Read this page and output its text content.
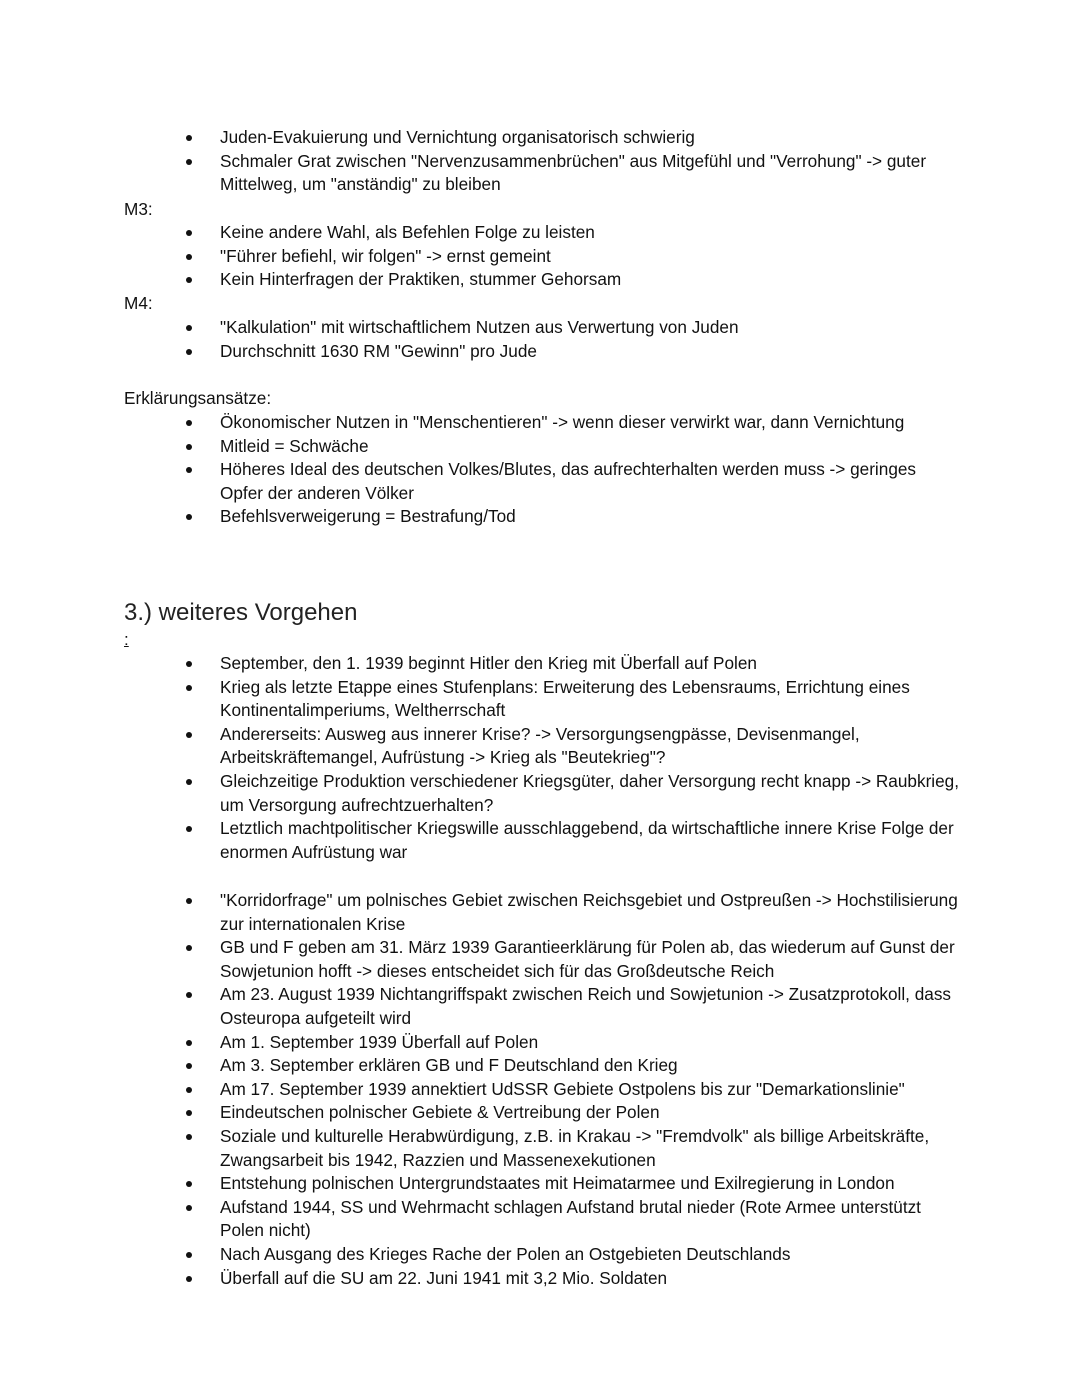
Juden-Evakuierung und Vernichtung organisatorisch schwierig
Schmaler Grat zwischen "Nervenzusammenbrüchen" aus Mitgefühl und "Verrohung" -> guter Mittelweg, um "anständig" zu bleiben
M3:
Keine andere Wahl, als Befehlen Folge zu leisten
"Führer befiehl, wir folgen" -> ernst gemeint
Kein Hinterfragen der Praktiken, stummer Gehorsam
M4:
"Kalkulation" mit wirtschaftlichem Nutzen aus Verwertung von Juden
Durchschnitt 1630 RM "Gewinn" pro Jude
Erklärungsansätze:
Ökonomischer Nutzen in "Menschentieren" -> wenn dieser verwirkt war, dann Vernichtung
Mitleid = Schwäche
Höheres Ideal des deutschen Volkes/Blutes, das aufrechterhalten werden muss -> geringes Opfer der anderen Völker
Befehlsverweigerung = Bestrafung/Tod
3.) weiteres Vorgehen
:
September, den 1. 1939 beginnt Hitler den Krieg mit Überfall auf Polen
Krieg als letzte Etappe eines Stufenplans: Erweiterung des Lebensraums, Errichtung eines Kontinentalimperiums, Weltherrschaft
Andererseits: Ausweg aus innerer Krise? -> Versorgungsengpässe, Devisenmangel, Arbeitskräftemangel, Aufrüstung -> Krieg als "Beutekrieg"?
Gleichzeitige Produktion verschiedener Kriegsgüter, daher Versorgung recht knapp -> Raubkrieg, um Versorgung aufrechtzuerhalten?
Letztlich machtpolitischer Kriegswille ausschlaggebend, da wirtschaftliche innere Krise Folge der enormen Aufrüstung war
"Korridorfrage" um polnisches Gebiet zwischen Reichsgebiet und Ostpreußen -> Hochstilisierung zur internationalen Krise
GB und F geben am 31. März 1939 Garantieerklärung für Polen ab, das wiederum auf Gunst der Sowjetunion hofft -> dieses entscheidet sich für das Großdeutsche Reich
Am 23. August 1939 Nichtangriffspakt zwischen Reich und Sowjetunion -> Zusatzprotokoll, dass Osteuropa aufgeteilt wird
Am 1. September 1939 Überfall auf Polen
Am 3. September erklären GB und F Deutschland den Krieg
Am 17. September 1939 annektiert UdSSR Gebiete Ostpolens bis zur "Demarkationslinie"
Eindeutschen polnischer Gebiete & Vertreibung der Polen
Soziale und kulturelle Herabwürdigung, z.B. in Krakau -> "Fremdvolk" als billige Arbeitskräfte, Zwangsarbeit bis 1942, Razzien und Massenexekutionen
Entstehung polnischen Untergrundstaates mit Heimatarmee und Exilregierung in London
Aufstand 1944, SS und Wehrmacht schlagen Aufstand brutal nieder (Rote Armee unterstützt Polen nicht)
Nach Ausgang des Krieges Rache der Polen an Ostgebieten Deutschlands
Überfall auf die SU am 22. Juni 1941 mit 3,2 Mio. Soldaten
